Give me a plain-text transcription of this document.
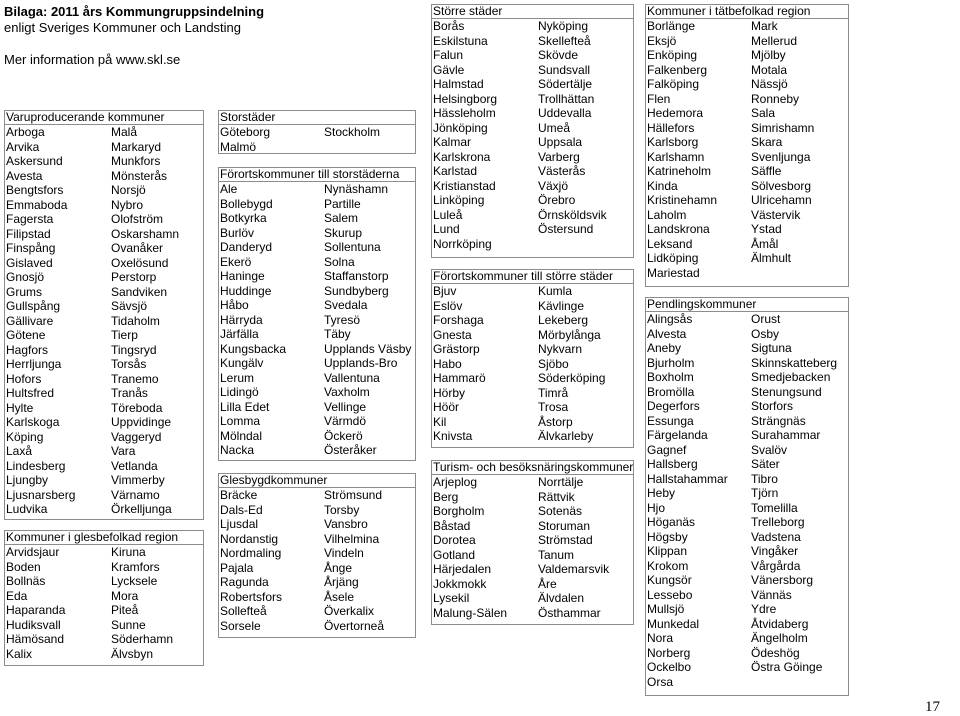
Bilaga: 2011 års Kommungruppsindelning
enligt Sveriges Kommuner och Landsting
Mer information på www.skl.se
Varuproducerande kommuner
Arboga	Malå
Arvika	Markaryd
Askersund	Munkfors
Avesta	Mönsterås
Bengtsfors	Norsjö
Emmaboda	Nybro
Fagersta	Olofström
Filipstad	Oskarshamn
Finspång	Ovanåker
Gislaved	Oxelösund
Gnosjö	Perstorp
Grums	Sandviken
Gullspång	Sävsjö
Gällivare	Tidaholm
Götene	Tierp
Hagfors	Tingsryd
Herrljunga	Torsås
Hofors	Tranemo
Hultsfred	Tranås
Hylte	Töreboda
Karlskoga	Uppvidinge
Köping	Vaggeryd
Laxå	Vara
Lindesberg	Vetlanda
Ljungby	Vimmerby
Ljusnarsberg	Värnamo
Ludvika	Örkelljunga
Kommuner i glesbefolkad region
Arvidsjaur	Kiruna
Boden	Kramfors
Bollnäs	Lycksele
Eda	Mora
Haparanda	Piteå
Hudiksvall	Sunne
Hämösand	Söderhamn
Kalix	Älvsbyn
Storstäder
Göteborg	Stockholm
Malmö
Förortskommuner till storstäderna
Ale	Nynäshamn
Bollebygd	Partille
Botkyrka	Salem
Burlöv	Skurup
Danderyd	Sollentuna
Ekerö	Solna
Haninge	Staffanstorp
Huddinge	Sundbyberg
Håbo	Svedala
Härryda	Tyresö
Järfälla	Täby
Kungsbacka	Upplands Väsby
Kungälv	Upplands-Bro
Lerum	Vallentuna
Lidingö	Vaxholm
Lilla Edet	Vellinge
Lomma	Värmdö
Mölndal	Öckerö
Nacka	Österåker
Glesbygdkommuner
Bräcke	Strömsund
Dals-Ed	Torsby
Ljusdal	Vansbro
Nordanstig	Vilhelmina
Nordmaling	Vindeln
Pajala	Ånge
Ragunda	Årjäng
Robertsfors	Åsele
Sollefteå	Överkalix
Sorsele	Övertorneå
Större städer
Borås	Nyköping
Eskilstuna	Skellefteå
Falun	Skövde
Gävle	Sundsvall
Halmstad	Södertälje
Helsingborg	Trollhättan
Hässleholm	Uddevalla
Jönköping	Umeå
Kalmar	Uppsala
Karlskrona	Varberg
Karlstad	Västerås
Kristianstad	Växjö
Linköping	Örebro
Luleå	Örnsköldsvik
Lund	Östersund
Norrköping
Förortskommuner till större städer
Bjuv	Kumla
Eslöv	Kävlinge
Forshaga	Lekeberg
Gnesta	Mörbylånga
Grästorp	Nykvarn
Habo	Sjöbo
Hammarö	Söderköping
Hörby	Timrå
Höör	Trosa
Kil	Åstorp
Knivsta	Älvkarleby
Turism- och besöksnäringskommuner
Arjeplog	Norrtälje
Berg	Rättvik
Borgholm	Sotenäs
Båstad	Storuman
Dorotea	Strömstad
Gotland	Tanum
Härjedalen	Valdemarsvik
Jokkmokk	Åre
Lysekil	Älvdalen
Malung-Sälen	Östhammar
Kommuner i tätbefolkad region
Borlänge	Mark
Eksjö	Mellerud
Enköping	Mjölby
Falkenberg	Motala
Falköping	Nässjö
Flen	Ronneby
Hedemora	Sala
Hällefors	Simrishamn
Karlsborg	Skara
Karlshamn	Svenljunga
Katrineholm	Säffle
Kinda	Sölvesborg
Kristinehamn	Ulricehamn
Laholm	Västervik
Landskrona	Ystad
Leksand	Åmål
Lidköping	Älmhult
Mariestad
Pendlingskommuner
Alingsås	Orust
Alvesta	Osby
Aneby	Sigtuna
Bjurholm	Skinnskatteberg
Boxholm	Smedjebacken
Bromölla	Stenungsund
Degerfors	Storfors
Essunga	Strängnäs
Färgelanda	Surahammar
Gagnef	Svalöv
Hallsberg	Säter
Hallstahammar	Tibro
Heby	Tjörn
Hjo	Tomelilla
Höganäs	Trelleborg
Högsby	Vadstena
Klippan	Vingåker
Krokom	Vårgårda
Kungsör	Vänersborg
Lessebo	Vännäs
Mullsjö	Ydre
Munkedal	Åtvidaberg
Nora	Ängelholm
Norberg	Ödeshög
Ockelbo	Östra Göinge
Orsa
17
